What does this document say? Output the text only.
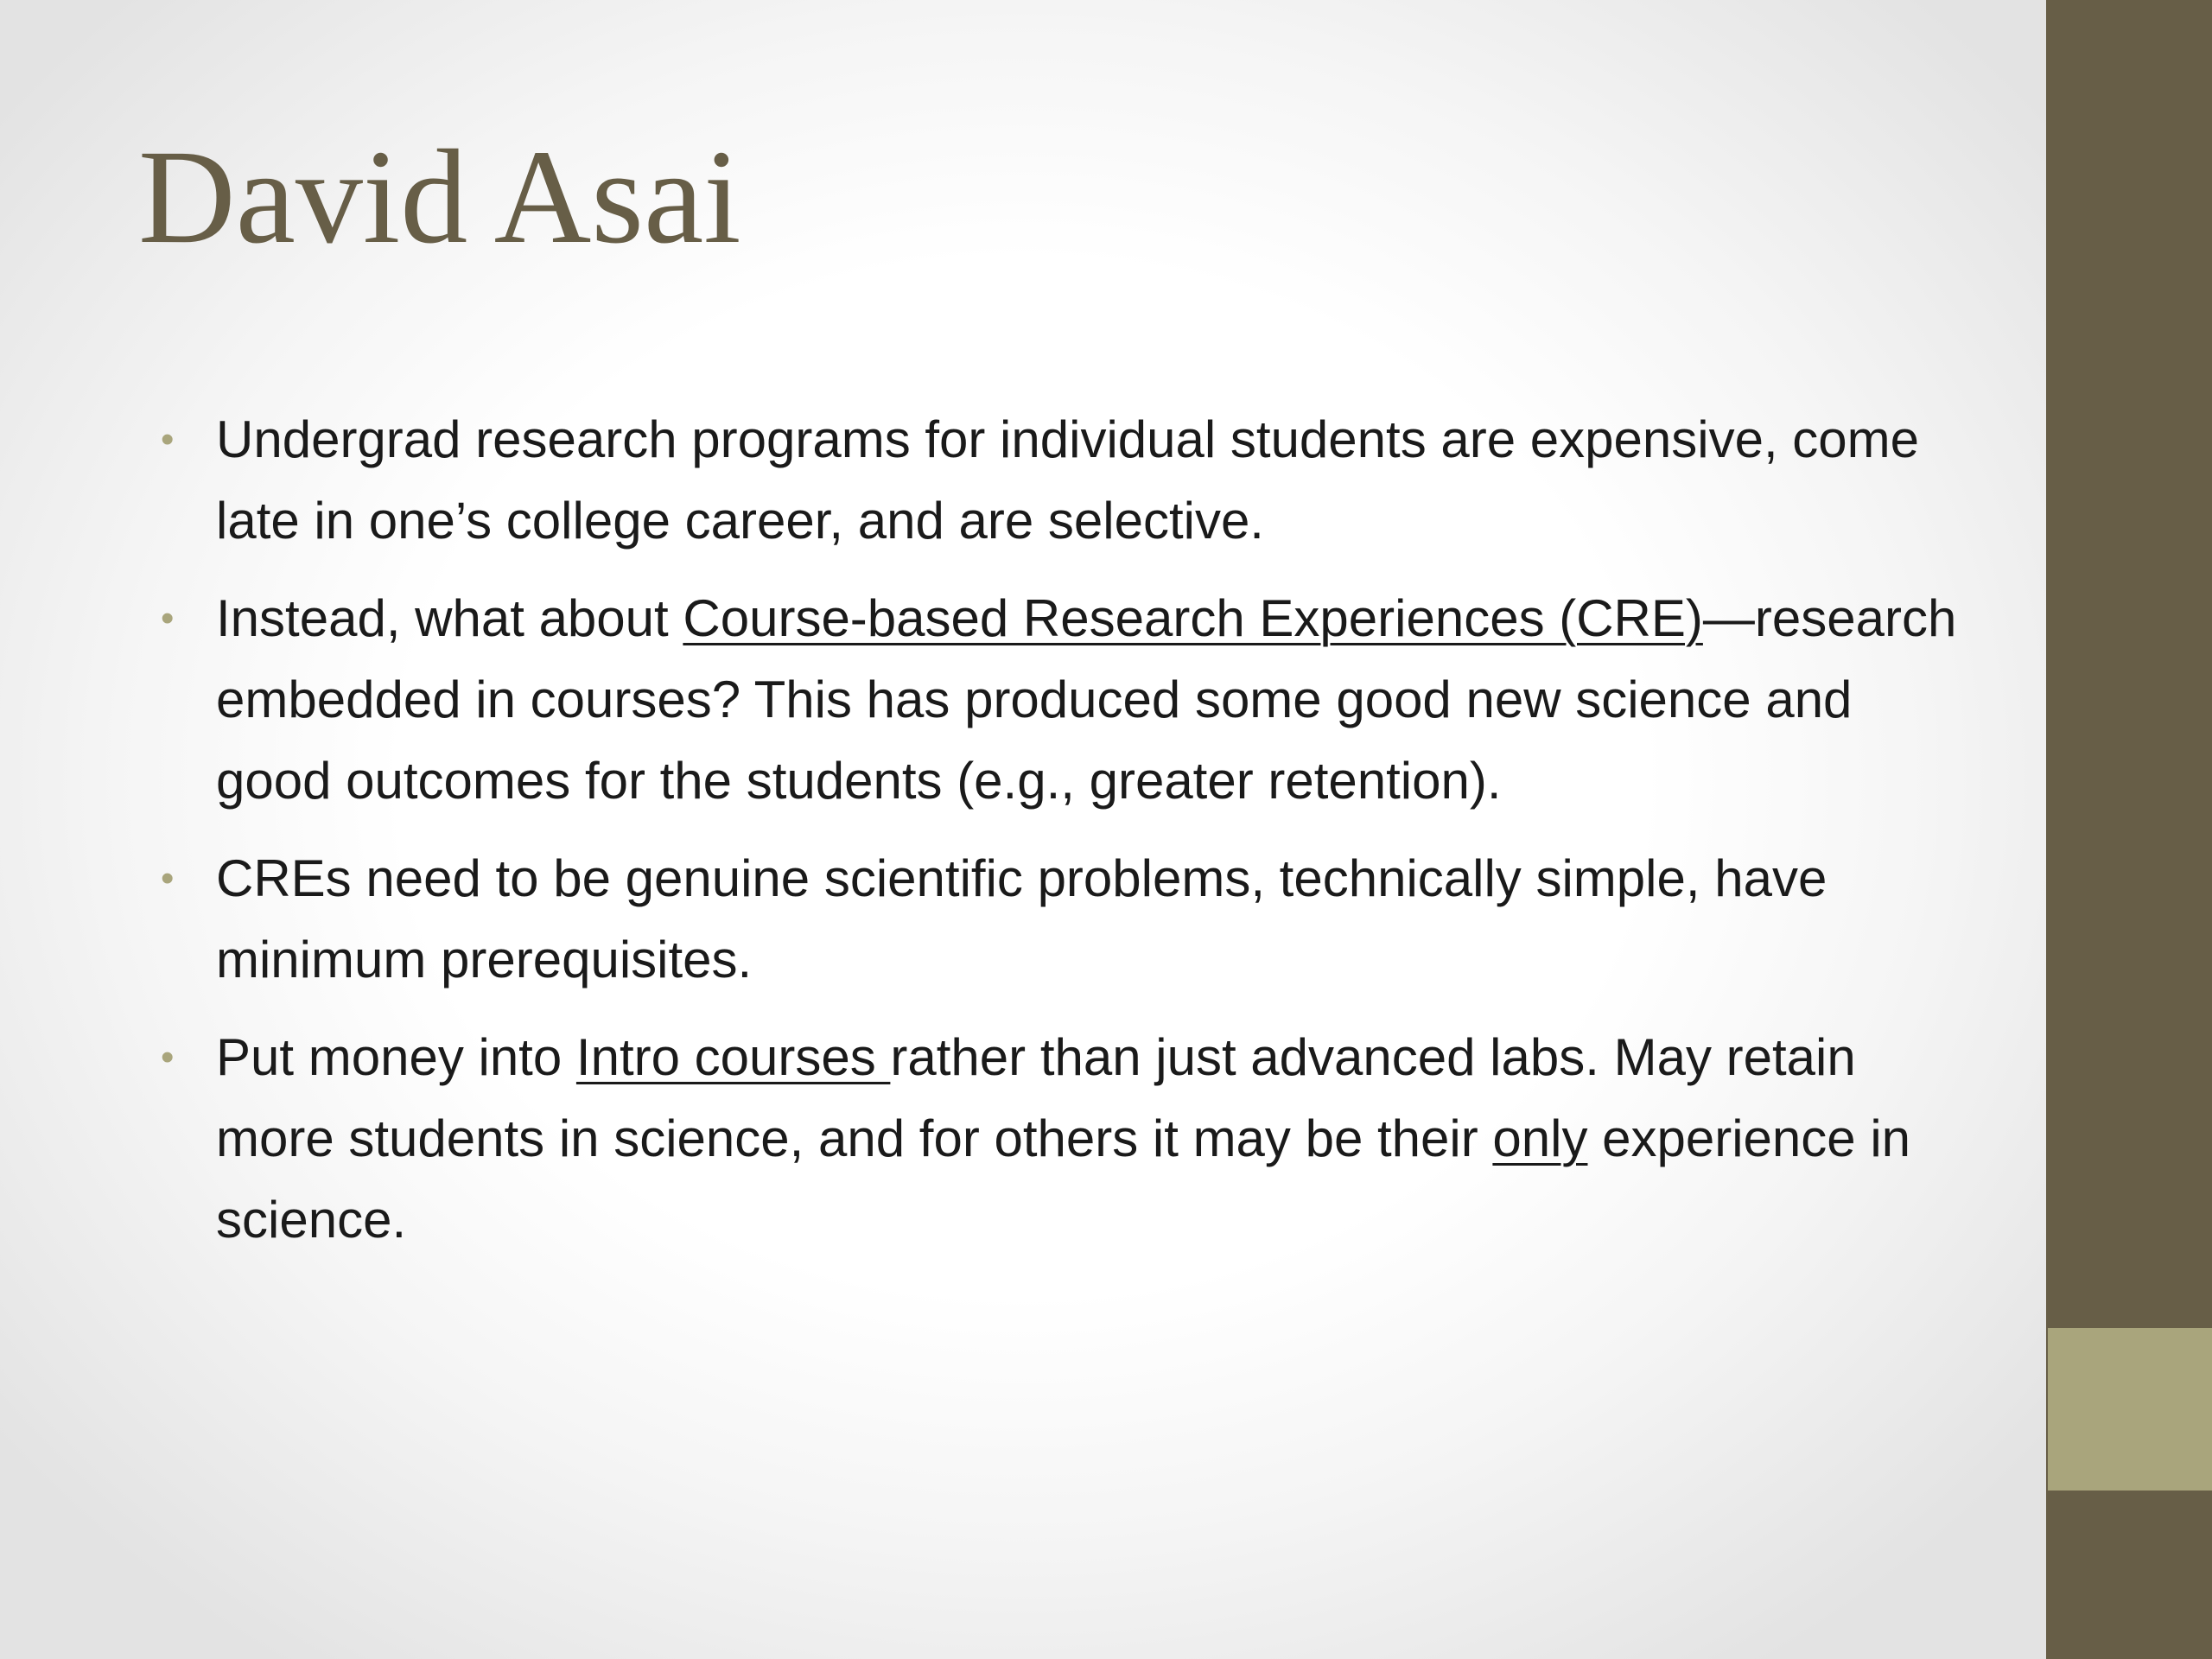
David Asai
• Undergrad research programs for individual students are expensive, come late in one’s college career, and are selective.
• Instead, what about Course-based Research Experiences (CRE)—research embedded in courses? This has produced some good new science and good outcomes for the students (e.g., greater retention).
• CREs need to be genuine scientific problems, technically simple, have minimum prerequisites.
• Put money into Intro courses rather than just advanced labs. May retain more students in science, and for others it may be their only experience in science.
